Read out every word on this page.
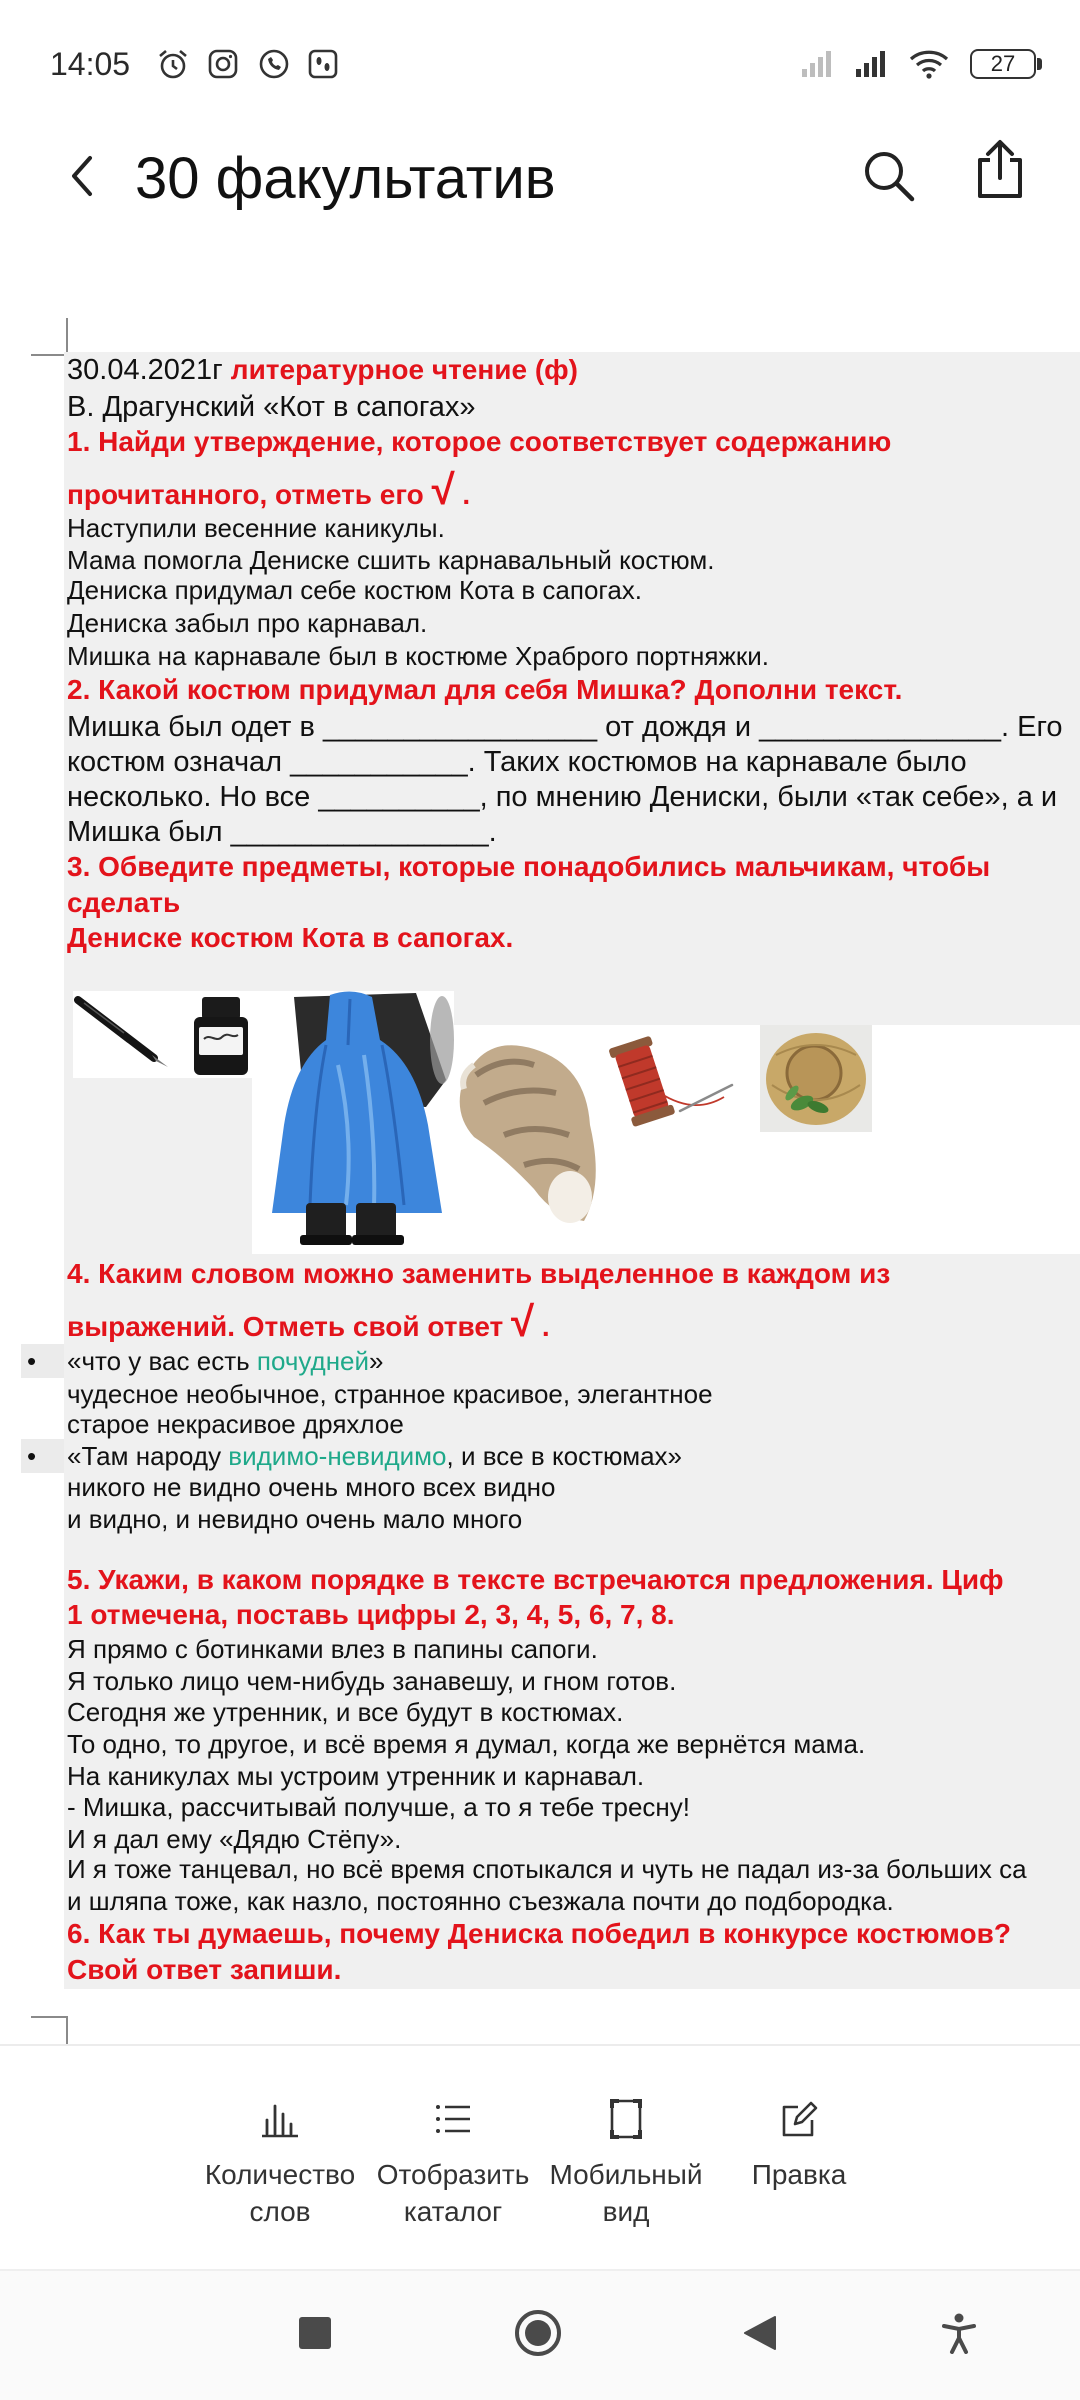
14:05	27
30 факультатив
30.04.2021г литературное чтение (ф)
В. Драгунский «Кот в сапогах»
1. Найди утверждение, которое соответствует содержанию
прочитанного, отметь его √ .
Наступили весенние каникулы.
Мама помогла Дениске сшить карнавальный костюм.
Дениска придумал себе костюм Кота в сапогах.
Дениска забыл про карнавал.
Мишка на карнавале был в костюме Храброго портняжки.
2. Какой костюм придумал для себя Мишка? Дополни текст.
Мишка был одет в _________________ от дождя и _______________. Его
костюм означал ___________. Таких костюмов на карнавале было
несколько. Но все __________, по мнению Дениски, были «так себе», а и
Мишка был ________________.
3. Обведите предметы, которые понадобились мальчикам, чтобы
сделать
Дениске костюм Кота в сапогах.
4. Каким словом можно заменить выделенное в каждом из
выражений. Отметь свой ответ √ .
•	«что у вас есть почудней»
чудесное необычное, странное красивое, элегантное
старое некрасивое дряхлое
•	«Там народу видимо-невидимо, и все в костюмах»
никого не видно очень много всех видно
и видно, и невидно очень мало много
5. Укажи, в каком порядке в тексте встречаются предложения. Циф
1 отмечена, поставь цифры 2, 3, 4, 5, 6, 7, 8.
Я прямо с ботинками влез в папины сапоги.
Я только лицо чем-нибудь занавешу, и гном готов.
Сегодня же утренник, и все будут в костюмах.
То одно, то другое, и всё время я думал, когда же вернётся мама.
На каникулах мы устроим утренник и карнавал.
- Мишка, рассчитывай получше, а то я тебе тресну!
И я дал ему «Дядю Стёпу».
И я тоже танцевал, но всё время спотыкался и чуть не падал из-за больших са
и шляпа тоже, как назло, постоянно съезжала почти до подбородка.
6. Как ты думаешь, почему Дениска победил в конкурсе костюмов?
Свой ответ запиши.
Количество
слов
Отобразить
каталог
Мобильный
вид
Правка
